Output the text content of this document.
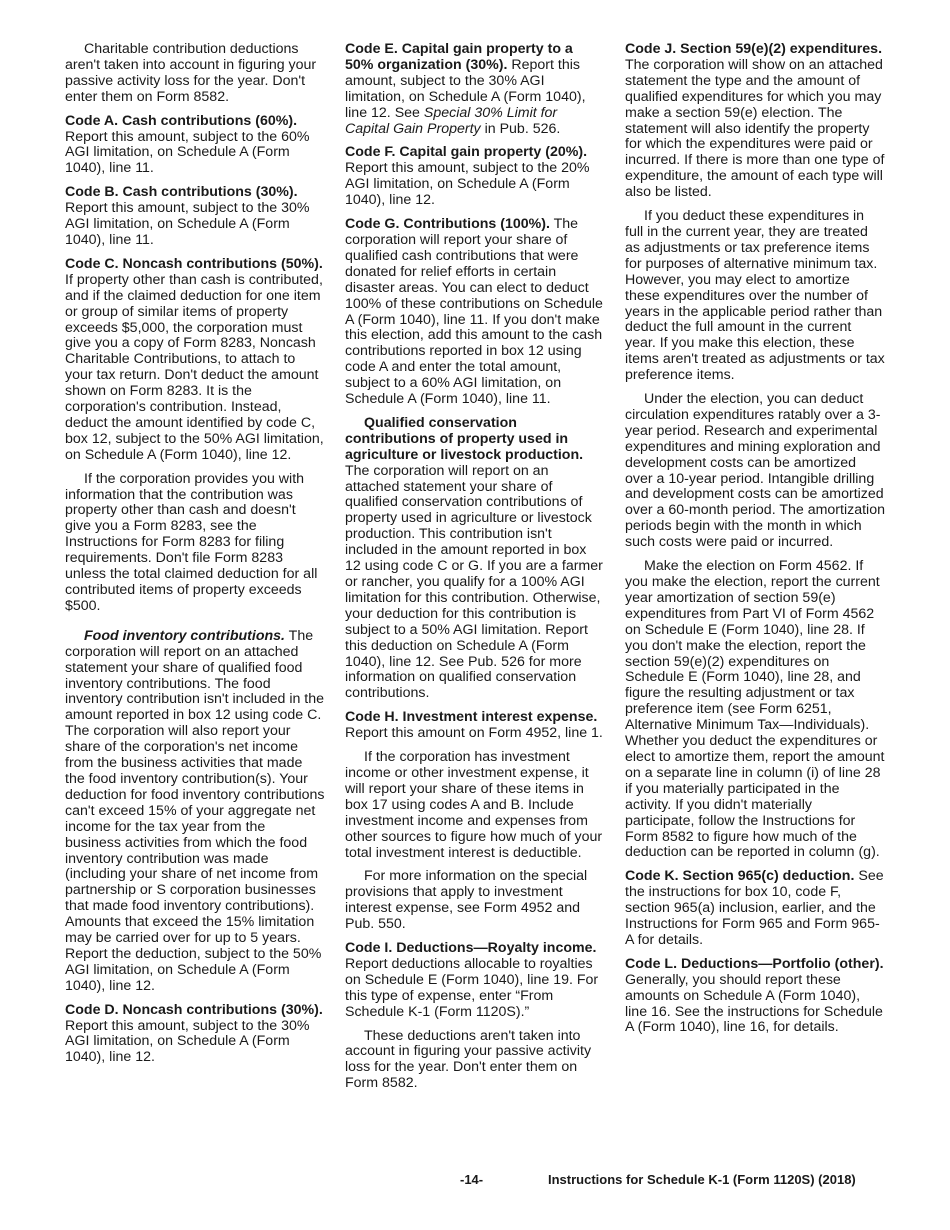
Charitable contribution deductions aren't taken into account in figuring your passive activity loss for the year. Don't enter them on Form 8582.

Code A. Cash contributions (60%). Report this amount, subject to the 60% AGI limitation, on Schedule A (Form 1040), line 11.

Code B. Cash contributions (30%). Report this amount, subject to the 30% AGI limitation, on Schedule A (Form 1040), line 11.

Code C. Noncash contributions (50%). If property other than cash is contributed, and if the claimed deduction for one item or group of similar items of property exceeds $5,000, the corporation must give you a copy of Form 8283, Noncash Charitable Contributions, to attach to your tax return. Don't deduct the amount shown on Form 8283. It is the corporation's contribution. Instead, deduct the amount identified by code C, box 12, subject to the 50% AGI limitation, on Schedule A (Form 1040), line 12.

If the corporation provides you with information that the contribution was property other than cash and doesn't give you a Form 8283, see the Instructions for Form 8283 for filing requirements. Don't file Form 8283 unless the total claimed deduction for all contributed items of property exceeds $500.

Food inventory contributions. The corporation will report on an attached statement your share of qualified food inventory contributions. The food inventory contribution isn't included in the amount reported in box 12 using code C. The corporation will also report your share of the corporation's net income from the business activities that made the food inventory contribution(s). Your deduction for food inventory contributions can't exceed 15% of your aggregate net income for the tax year from the business activities from which the food inventory contribution was made (including your share of net income from partnership or S corporation businesses that made food inventory contributions). Amounts that exceed the 15% limitation may be carried over for up to 5 years. Report the deduction, subject to the 50% AGI limitation, on Schedule A (Form 1040), line 12.

Code D. Noncash contributions (30%). Report this amount, subject to the 30% AGI limitation, on Schedule A (Form 1040), line 12.

Code E. Capital gain property to a 50% organization (30%). Report this amount, subject to the 30% AGI limitation, on Schedule A (Form 1040), line 12. See Special 30% Limit for Capital Gain Property in Pub. 526.

Code F. Capital gain property (20%). Report this amount, subject to the 20% AGI limitation, on Schedule A (Form 1040), line 12.

Code G. Contributions (100%). The corporation will report your share of qualified cash contributions that were donated for relief efforts in certain disaster areas. You can elect to deduct 100% of these contributions on Schedule A (Form 1040), line 11. If you don't make this election, add this amount to the cash contributions reported in box 12 using code A and enter the total amount, subject to a 60% AGI limitation, on Schedule A (Form 1040), line 11.

Qualified conservation contributions of property used in agriculture or livestock production. The corporation will report on an attached statement your share of qualified conservation contributions of property used in agriculture or livestock production. This contribution isn't included in the amount reported in box 12 using code C or G. If you are a farmer or rancher, you qualify for a 100% AGI limitation for this contribution. Otherwise, your deduction for this contribution is subject to a 50% AGI limitation. Report this deduction on Schedule A (Form 1040), line 12. See Pub. 526 for more information on qualified conservation contributions.

Code H. Investment interest expense. Report this amount on Form 4952, line 1.

If the corporation has investment income or other investment expense, it will report your share of these items in box 17 using codes A and B. Include investment income and expenses from other sources to figure how much of your total investment interest is deductible.

For more information on the special provisions that apply to investment interest expense, see Form 4952 and Pub. 550.

Code I. Deductions—Royalty income. Report deductions allocable to royalties on Schedule E (Form 1040), line 19. For this type of expense, enter “From Schedule K-1 (Form 1120S).”

These deductions aren't taken into account in figuring your passive activity loss for the year. Don't enter them on Form 8582.

Code J. Section 59(e)(2) expenditures. The corporation will show on an attached statement the type and the amount of qualified expenditures for which you may make a section 59(e) election. The statement will also identify the property for which the expenditures were paid or incurred. If there is more than one type of expenditure, the amount of each type will also be listed.

If you deduct these expenditures in full in the current year, they are treated as adjustments or tax preference items for purposes of alternative minimum tax. However, you may elect to amortize these expenditures over the number of years in the applicable period rather than deduct the full amount in the current year. If you make this election, these items aren't treated as adjustments or tax preference items.

Under the election, you can deduct circulation expenditures ratably over a 3-year period. Research and experimental expenditures and mining exploration and development costs can be amortized over a 10-year period. Intangible drilling and development costs can be amortized over a 60-month period. The amortization periods begin with the month in which such costs were paid or incurred.

Make the election on Form 4562. If you make the election, report the current year amortization of section 59(e) expenditures from Part VI of Form 4562 on Schedule E (Form 1040), line 28. If you don't make the election, report the section 59(e)(2) expenditures on Schedule E (Form 1040), line 28, and figure the resulting adjustment or tax preference item (see Form 6251, Alternative Minimum Tax—Individuals). Whether you deduct the expenditures or elect to amortize them, report the amount on a separate line in column (i) of line 28 if you materially participated in the activity. If you didn't materially participate, follow the Instructions for Form 8582 to figure how much of the deduction can be reported in column (g).

Code K. Section 965(c) deduction. See the instructions for box 10, code F, section 965(a) inclusion, earlier, and the Instructions for Form 965 and Form 965-A for details.

Code L. Deductions—Portfolio (other). Generally, you should report these amounts on Schedule A (Form 1040), line 16. See the instructions for Schedule A (Form 1040), line 16, for details.

-14-	Instructions for Schedule K-1 (Form 1120S) (2018)
